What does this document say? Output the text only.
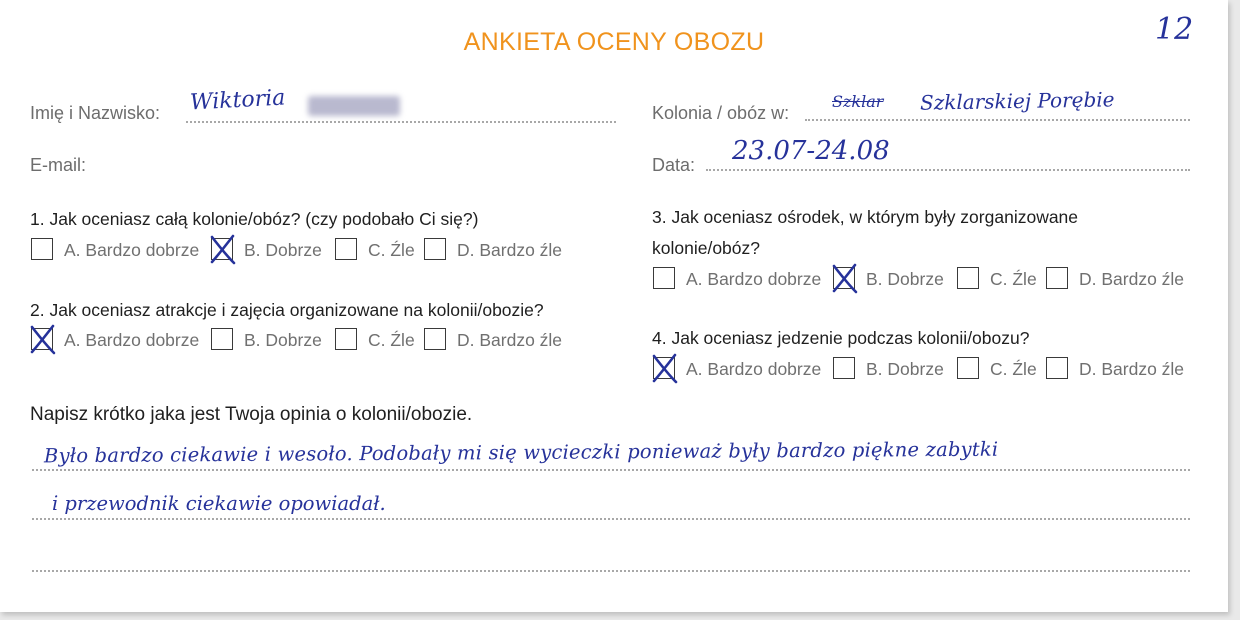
ANKIETA OCENY OBOZU	12
Imię i Nazwisko: Wiktoria
E-mail:
Kolonia / obóz w:
Szklar Szklarskiej Porębie
Data: 23.07-24.08
1. Jak oceniasz całą kolonie/obóz? (czy podobało Ci się?)
A. Bardzo dobrze	B. Dobrze	C. Źle D. Bardzo źle
2. Jak oceniasz atrakcje i zajęcia organizowane na kolonii/obozie?
A. Bardzo dobrze	B. Dobrze	C. Źle D. Bardzo źle
3. Jak oceniasz ośrodek, w którym były zorganizowane kolonie/obóz?
A. Bardzo dobrze	B. Dobrze	C. Źle D. Bardzo źle
4. Jak oceniasz jedzenie podczas kolonii/obozu?
A. Bardzo dobrze	B. Dobrze	C. Źle D. Bardzo źle
Napisz krótko jaka jest Twoja opinia o kolonii/obozie.
Było bardzo ciekawie i wesoło. Podobały mi się wycieczki ponieważ były bardzo piękne zabytki
i przewodnik ciekawie opowiadał.
